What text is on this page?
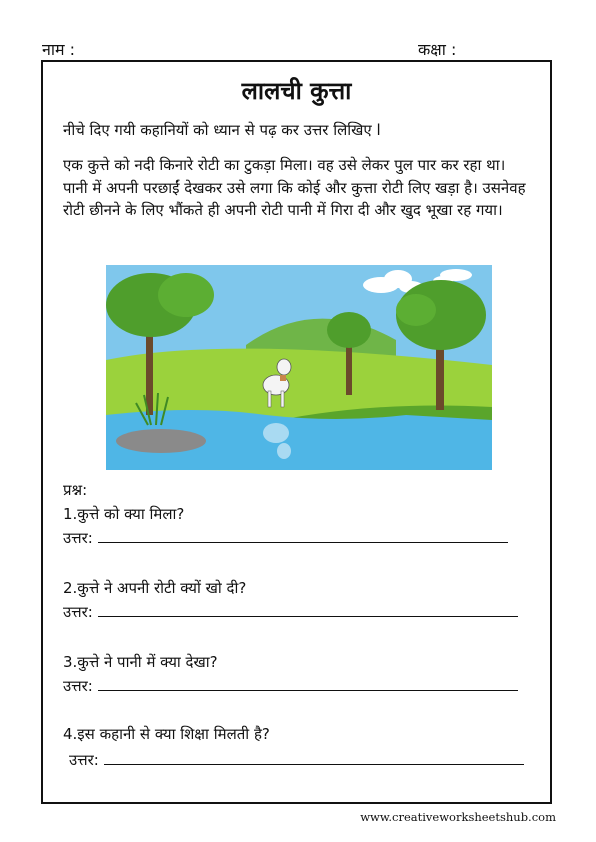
नाम :	कक्षा :
लालची कुत्ता
नीचे दिए गयी कहानियों को ध्यान से पढ़ कर उत्तर लिखिए l
एक कुत्ते को नदी किनारे रोटी का टुकड़ा मिला। वह उसे लेकर पुल पार कर रहा था। पानी में अपनी परछाईं देखकर उसे लगा कि कोई और कुत्ता रोटी लिए खड़ा है। उसनेवह रोटी छीनने के लिए भौंकते ही अपनी रोटी पानी में गिरा दी और खुद भूखा रह गया।
प्रश्न:
1.कुत्ते को क्या मिला?
उत्तर:
2.कुत्ते ने अपनी रोटी क्यों खो दी?
उत्तर:
3.कुत्ते ने पानी में क्या देखा?
उत्तर:
4.इस कहानी से क्या शिक्षा मिलती है?
उत्तर:
www.creativeworksheetshub.com
